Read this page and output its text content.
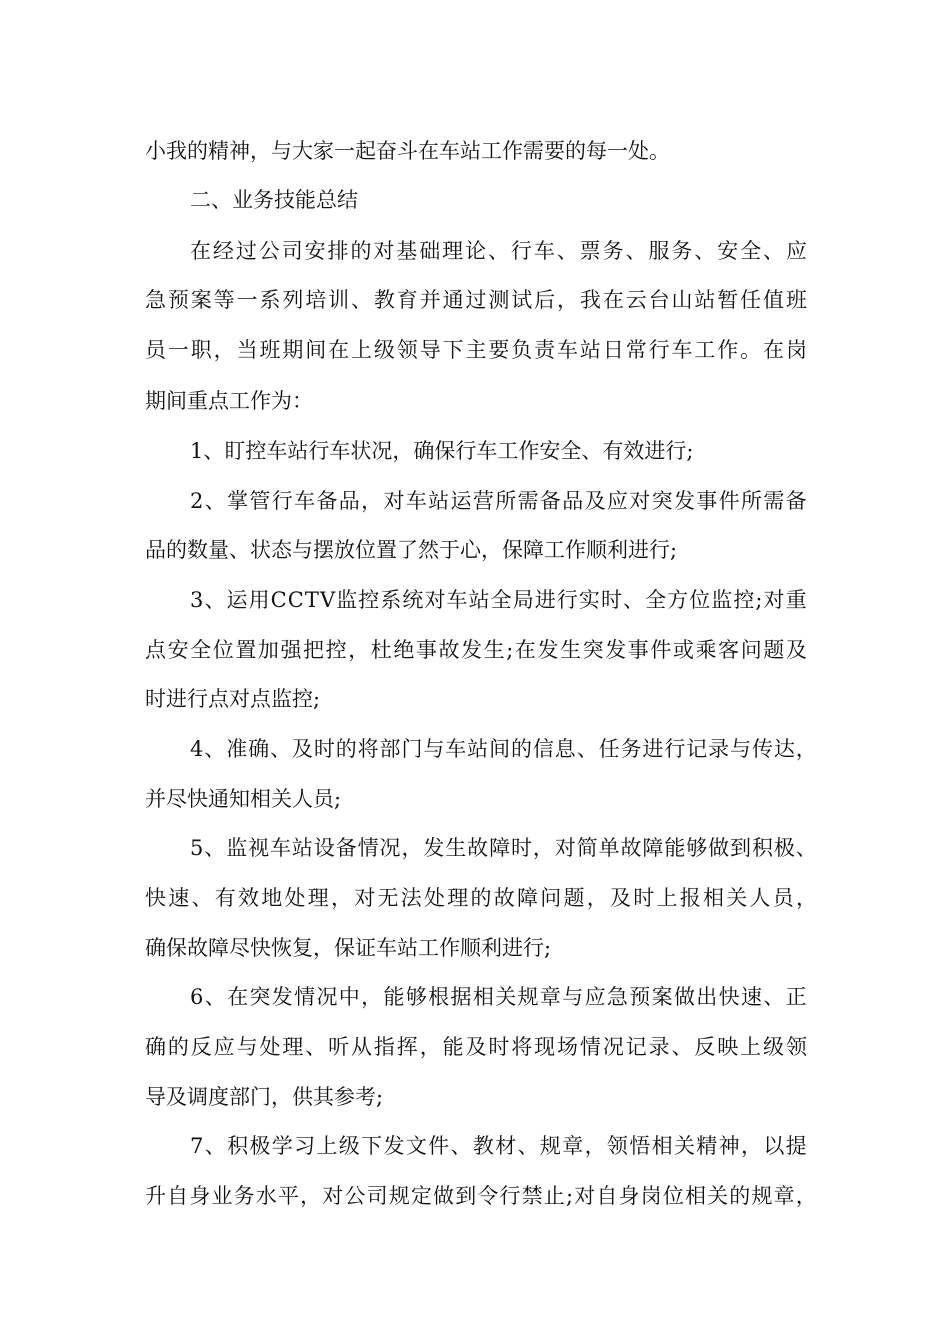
小我的精神，与大家一起奋斗在车站工作需要的每一处。

二、业务技能总结

在 经 过 公 司 安 排 的 对 基 础 理 论 、 行 车 、 票 务 、 服 务 、 安 全 、 应

急 预 案 等 一 系 列 培 训 、 教 育 并 通 过 测 试 后 ， 我 在 云 台 山 站 暂 任 值 班

员 一 职 ， 当 班 期 间 在 上 级 领 导 下 主 要 负 责 车 站 日 常 行 车 工 作 。 在 岗

期间重点工作为：

1、盯控车站行车状况，确保行车工作安全、有效进行;

2 、 掌 管 行 车 备 品 ， 对 车 站 运 营 所 需 备 品 及 应 对 突 发 事 件 所 需 备

品的数量、状态与摆放位置了然于心，保障工作顺利进行;

3 、 运 用 C C T V 监 控 系 统 对 车 站 全 局 进 行 实 时 、 全 方 位 监 控 ; 对 重

点 安 全 位 置 加 强 把 控 ， 杜 绝 事 故 发 生 ; 在 发 生 突 发 事 件 或 乘 客 问 题 及

时进行点对点监控;

4 、 准 确 、 及 时 的 将 部 门 与 车 站 间 的 信 息 、 任 务 进 行 记 录 与 传 达 ，

并尽快通知相关人员;

5 、 监 视 车 站 设 备 情 况 ， 发 生 故 障 时 ， 对 简 单 故 障 能 够 做 到 积 极 、

快 速 、 有 效 地 处 理 ， 对 无 法 处 理 的 故 障 问 题 ， 及 时 上 报 相 关 人 员 ，

确保故障尽快恢复，保证车站工作顺利进行;

6 、 在 突 发 情 况 中 ， 能 够 根 据 相 关 规 章 与 应 急 预 案 做 出 快 速 、 正

确 的 反 应 与 处 理 、 听 从 指 挥 ， 能 及 时 将 现 场 情 况 记 录 、 反 映 上 级 领

导及调度部门，供其参考;

7 、 积 极 学 习 上 级 下 发 文 件 、 教 材 、 规 章 ， 领 悟 相 关 精 神 ， 以 提

升 自 身 业 务 水 平 ， 对 公 司 规 定 做 到 令 行 禁 止 ; 对 自 身 岗 位 相 关 的 规 章 ，
